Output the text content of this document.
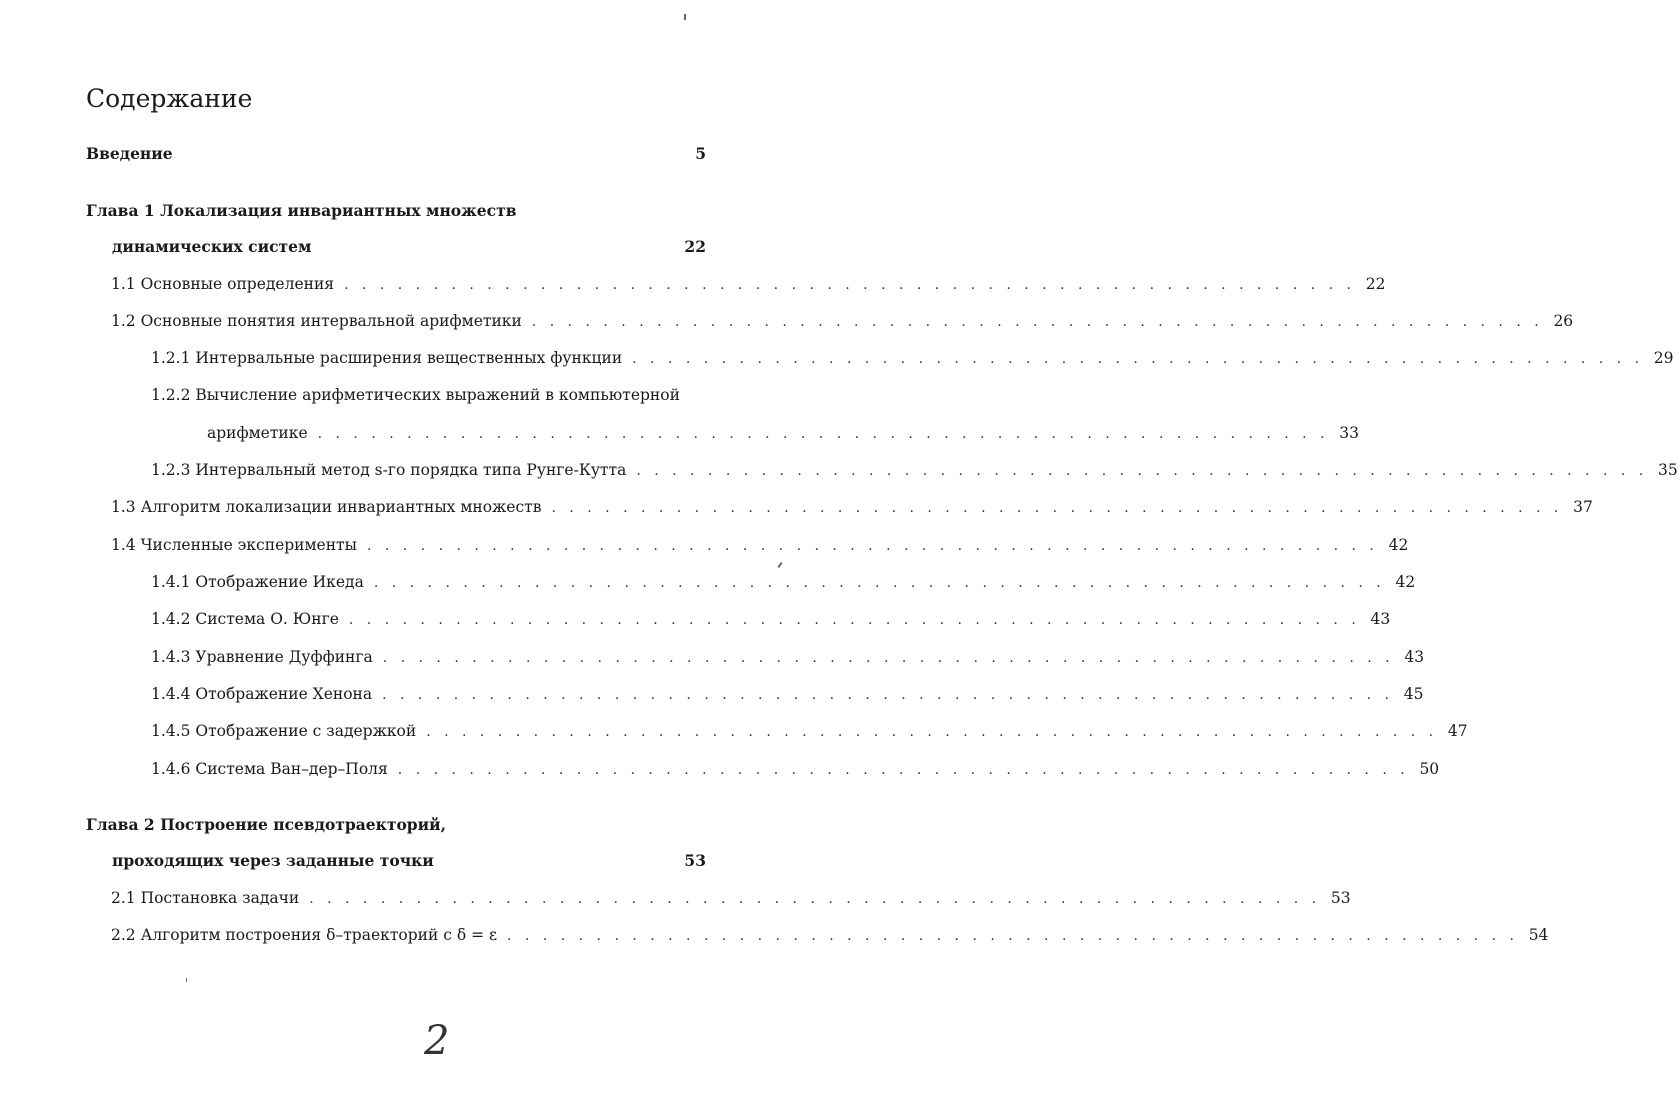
Содержание
Введение	5
Глава 1 Локализация инвариантных множеств
динамических систем	22
1.1 Основные определения . . . . . . . . . . . . . . . . . . . . . . . . . . . . . . . . . . . . . . . . . . . . . . . . . . . . . . . . . 22
1.2 Основные понятия интервальной арифметики . . . . . . . . . . . . . . . . . . . . . . . . . . . . . . . . . . . . . . . . . . . . . . . . . . . . . . . . . 26
1.2.1 Интервальные расширения вещественных функции . . . . . . . . . . . . . . . . . . . . . . . . . . . . . . . . . . . . . . . . . . . . . . . . . . . . . . . . . 29
1.2.2 Вычисление арифметических выражений в компьютерной
арифметике . . . . . . . . . . . . . . . . . . . . . . . . . . . . . . . . . . . . . . . . . . . . . . . . . . . . . . . . . 33
1.2.3 Интервальный метод s-го порядка типа Рунге-Кутта . . . . . . . . . . . . . . . . . . . . . . . . . . . . . . . . . . . . . . . . . . . . . . . . . . . . . . . . . 35
1.3 Алгоритм локализации инвариантных множеств . . . . . . . . . . . . . . . . . . . . . . . . . . . . . . . . . . . . . . . . . . . . . . . . . . . . . . . . . 37
1.4 Численные эксперименты . . . . . . . . . . . . . . . . . . . . . . . . . . . . . . . . . . . . . . . . . . . . . . . . . . . . . . . . . 42
1.4.1 Отображение Икеда . . . . . . . . . . . . . . . . . . . . . . . . . . . . . . . . . . . . . . . . . . . . . . . . . . . . . . . . . 42
1.4.2 Система О. Юнге . . . . . . . . . . . . . . . . . . . . . . . . . . . . . . . . . . . . . . . . . . . . . . . . . . . . . . . . . 43
1.4.3 Уравнение Дуффинга . . . . . . . . . . . . . . . . . . . . . . . . . . . . . . . . . . . . . . . . . . . . . . . . . . . . . . . . . 43
1.4.4 Отображение Хенона . . . . . . . . . . . . . . . . . . . . . . . . . . . . . . . . . . . . . . . . . . . . . . . . . . . . . . . . . 45
1.4.5 Отображение с задержкой . . . . . . . . . . . . . . . . . . . . . . . . . . . . . . . . . . . . . . . . . . . . . . . . . . . . . . . . . 47
1.4.6 Система Ван–дер–Поля . . . . . . . . . . . . . . . . . . . . . . . . . . . . . . . . . . . . . . . . . . . . . . . . . . . . . . . . . 50
Глава 2 Построение псевдотраекторий,
проходящих через заданные точки	53
2.1 Постановка задачи . . . . . . . . . . . . . . . . . . . . . . . . . . . . . . . . . . . . . . . . . . . . . . . . . . . . . . . . . 53
2.2 Алгоритм построения δ–траекторий с δ = ε . . . . . . . . . . . . . . . . . . . . . . . . . . . . . . . . . . . . . . . . . . . . . . . . . . . . . . . . . 54
2
